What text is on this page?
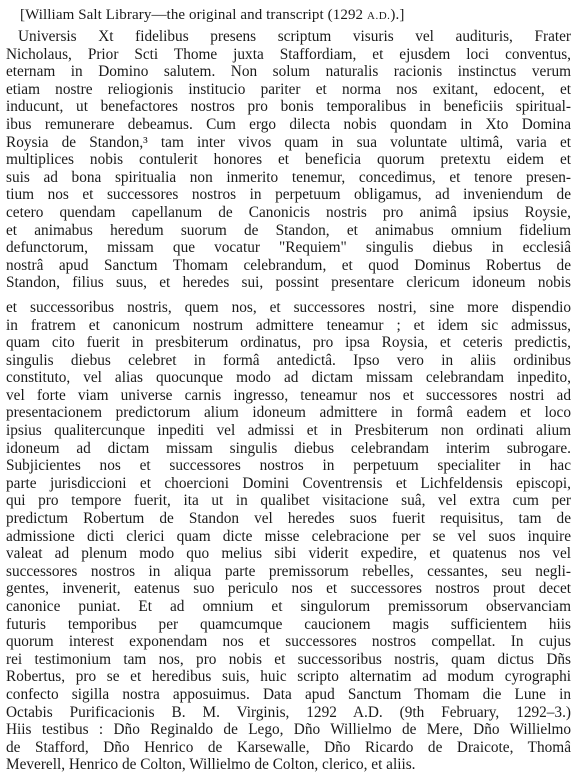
[William Salt Library—the original and transcript (1292 A.D.).]
Universis Xt fidelibus presens scriptum visuris vel audituris, Frater
Nicholaus, Prior Scti Thome juxta Staffordiam, et ejusdem loci conventus,
eternam in Domino salutem. Non solum naturalis racionis instinctus verum
etiam nostre reliogionis institucio pariter et norma nos exitant, edocent, et
inducunt, ut benefactores nostros pro bonis temporalibus in beneficiis spiritual-
ibus remunerare debeamus. Cum ergo dilecta nobis quondam in Xto Domina
Roysia de Standon,³ tam inter vivos quam in sua voluntate ultimâ, varia et
multiplices nobis contulerit honores et beneficia quorum pretextu eidem et
suis ad bona spiritualia non inmerito tenemur, concedimus, et tenore presen-
tium nos et successores nostros in perpetuum obligamus, ad inveniendum de
cetero quendam capellanum de Canonicis nostris pro animâ ipsius Roysie,
et animabus heredum suorum de Standon, et animabus omnium fidelium
defunctorum, missam que vocatur "Requiem" singulis diebus in ecclesiâ
nostrâ apud Sanctum Thomam celebrandum, et quod Dominus Robertus de
Standon, filius suus, et heredes sui, possint presentare clericum idoneum nobis
et successoribus nostris, quem nos, et successores nostri, sine more dispendio
in fratrem et canonicum nostrum admittere teneamur ; et idem sic admissus,
quam cito fuerit in presbiterum ordinatus, pro ipsa Roysia, et ceteris predictis,
singulis diebus celebret in formâ antedictâ. Ipso vero in aliis ordinibus
constituto, vel alias quocunque modo ad dictam missam celebrandam inpedito,
vel forte viam universe carnis ingresso, teneamur nos et successores nostri ad
presentacionem predictorum alium idoneum admittere in formâ eadem et loco
ipsius qualitercunque inpediti vel admissi et in Presbiterum non ordinati alium
idoneum ad dictam missam singulis diebus celebrandam interim subrogare.
Subjicientes nos et successores nostros in perpetuum specialiter in hac
parte jurisdiccioni et choercioni Domini Coventrensis et Lichfeldensis episcopi,
qui pro tempore fuerit, ita ut in qualibet visitacione suâ, vel extra cum per
predictum Robertum de Standon vel heredes suos fuerit requisitus, tam de
admissione dicti clerici quam dicte misse celebracione per se vel suos inquire
valeat ad plenum modo quo melius sibi viderit expedire, et quatenus nos vel
successores nostros in aliqua parte premissorum rebelles, cessantes, seu negli-
gentes, invenerit, eatenus suo periculo nos et successores nostros prout decet
canonice puniat. Et ad omnium et singulorum premissorum observanciam
futuris temporibus per quamcumque caucionem magis sufficientem hiis
quorum interest exponendam nos et successores nostros compellat. In cujus
rei testimonium tam nos, pro nobis et successoribus nostris, quam dictus Dñs
Robertus, pro se et heredibus suis, huic scripto alternatim ad modum cyrographi
confecto sigilla nostra apposuimus. Data apud Sanctum Thomam die Lune in
Octabis Purificacionis B. M. Virginis, 1292 A.D. (9th February, 1292–3.)
Hiis testibus : Dño Reginaldo de Lego, Dño Willielmo de Mere, Dño Willielmo
de Stafford, Dño Henrico de Karsewalle, Dño Ricardo de Draicote, Thomâ
Meverell, Henrico de Colton, Willielmo de Colton, clerico, et aliis.
